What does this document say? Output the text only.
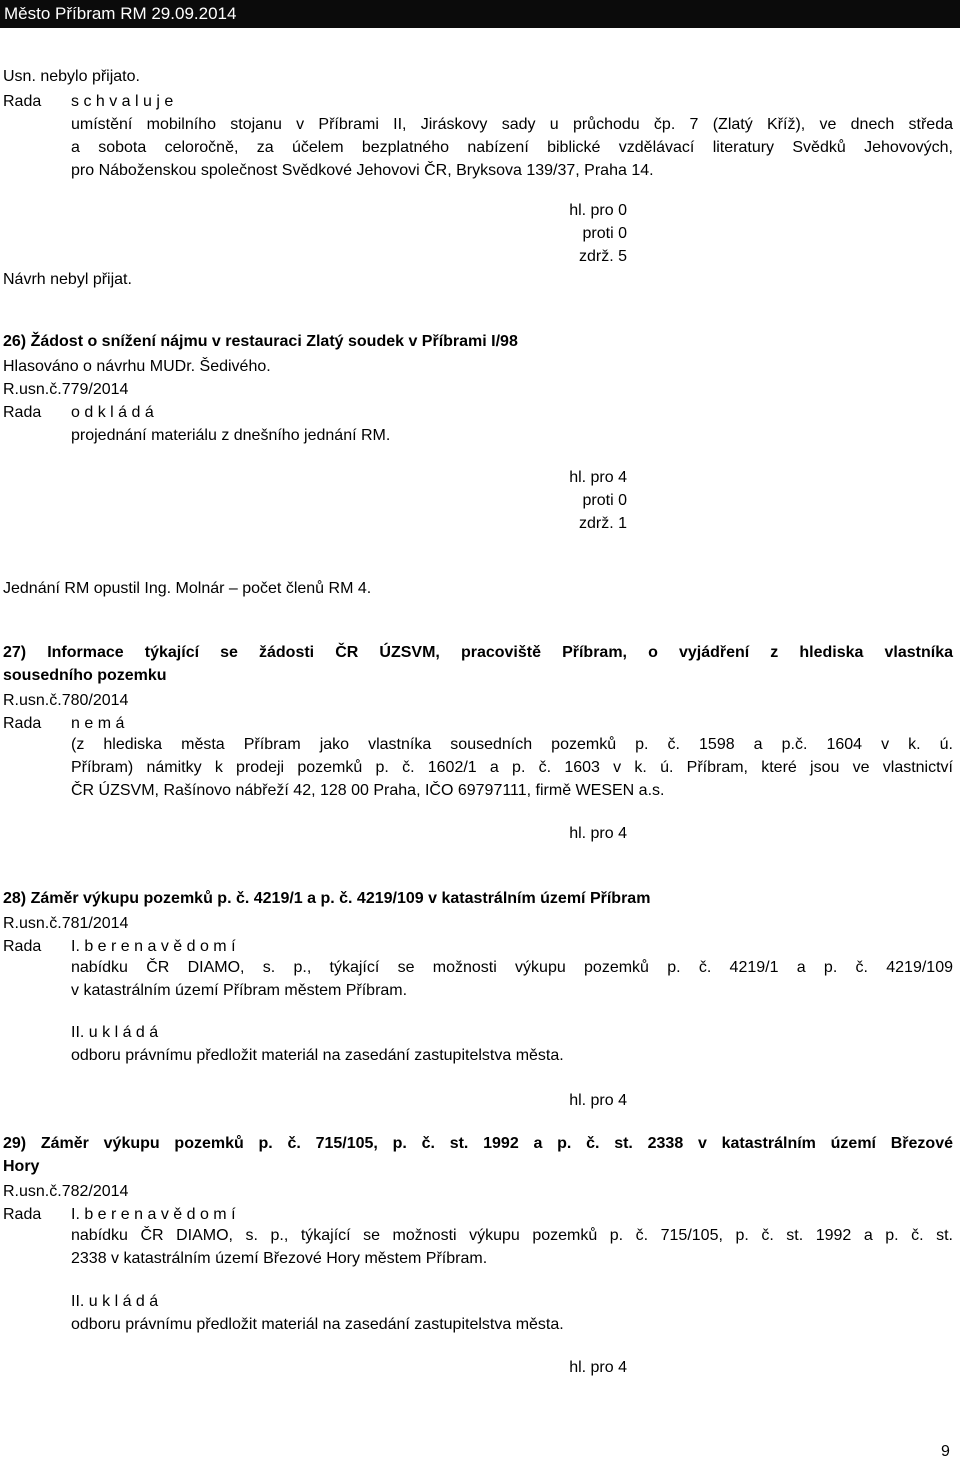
Město Příbram RM 29.09.2014
Usn. nebylo přijato.
Rada s c h v a l u j e
umístění mobilního stojanu v Příbrami II, Jiráskovy sady u průchodu čp. 7 (Zlatý Kříž), ve dnech středa
a sobota celoročně, za účelem bezplatného nabízení biblické vzdělávací literatury Svědků Jehovových,
pro Náboženskou společnost Svědkové Jehovovi ČR, Bryksova 139/37, Praha 14.
hl. pro 0
proti 0
zdrž. 5
Návrh nebyl přijat.
26) Žádost o snížení nájmu v restauraci Zlatý soudek v Příbrami I/98
Hlasováno o návrhu MUDr. Šedivého.
R.usn.č.779/2014
Rada o d k l á d á
projednání materiálu z dnešního jednání RM.
hl. pro 4
proti 0
zdrž. 1
Jednání RM opustil Ing. Molnár – počet členů RM 4.
27) Informace týkající se žádosti ČR ÚZSVM, pracoviště Příbram, o vyjádření z hlediska vlastníka
sousedního pozemku
R.usn.č.780/2014
Rada n e m á
(z hlediska města Příbram jako vlastníka sousedních pozemků p. č. 1598 a p.č. 1604 v k. ú.
Příbram) námitky k prodeji pozemků p. č. 1602/1 a p. č. 1603 v k. ú. Příbram, které jsou ve vlastnictví
ČR ÚZSVM, Rašínovo nábřeží 42, 128 00 Praha, IČO 69797111, firmě WESEN a.s.
hl. pro 4
28) Záměr výkupu pozemků p. č. 4219/1 a p. č. 4219/109 v katastrálním území Příbram
R.usn.č.781/2014
Rada I. b e r e n a v ě d o m í
nabídku ČR DIAMO, s. p., týkající se možnosti výkupu pozemků p. č. 4219/1 a p. č. 4219/109
v katastrálním území Příbram městem Příbram.
II. u k l á d á
odboru právnímu předložit materiál na zasedání zastupitelstva města.
hl. pro 4
29) Záměr výkupu pozemků p. č. 715/105, p. č. st. 1992 a p. č. st. 2338 v katastrálním území Březové
Hory
R.usn.č.782/2014
Rada I. b e r e n a v ě d o m í
nabídku ČR DIAMO, s. p., týkající se možnosti výkupu pozemků p. č. 715/105, p. č. st. 1992 a p. č. st.
2338 v katastrálním území Březové Hory městem Příbram.
II. u k l á d á
odboru právnímu předložit materiál na zasedání zastupitelstva města.
hl. pro 4
9
